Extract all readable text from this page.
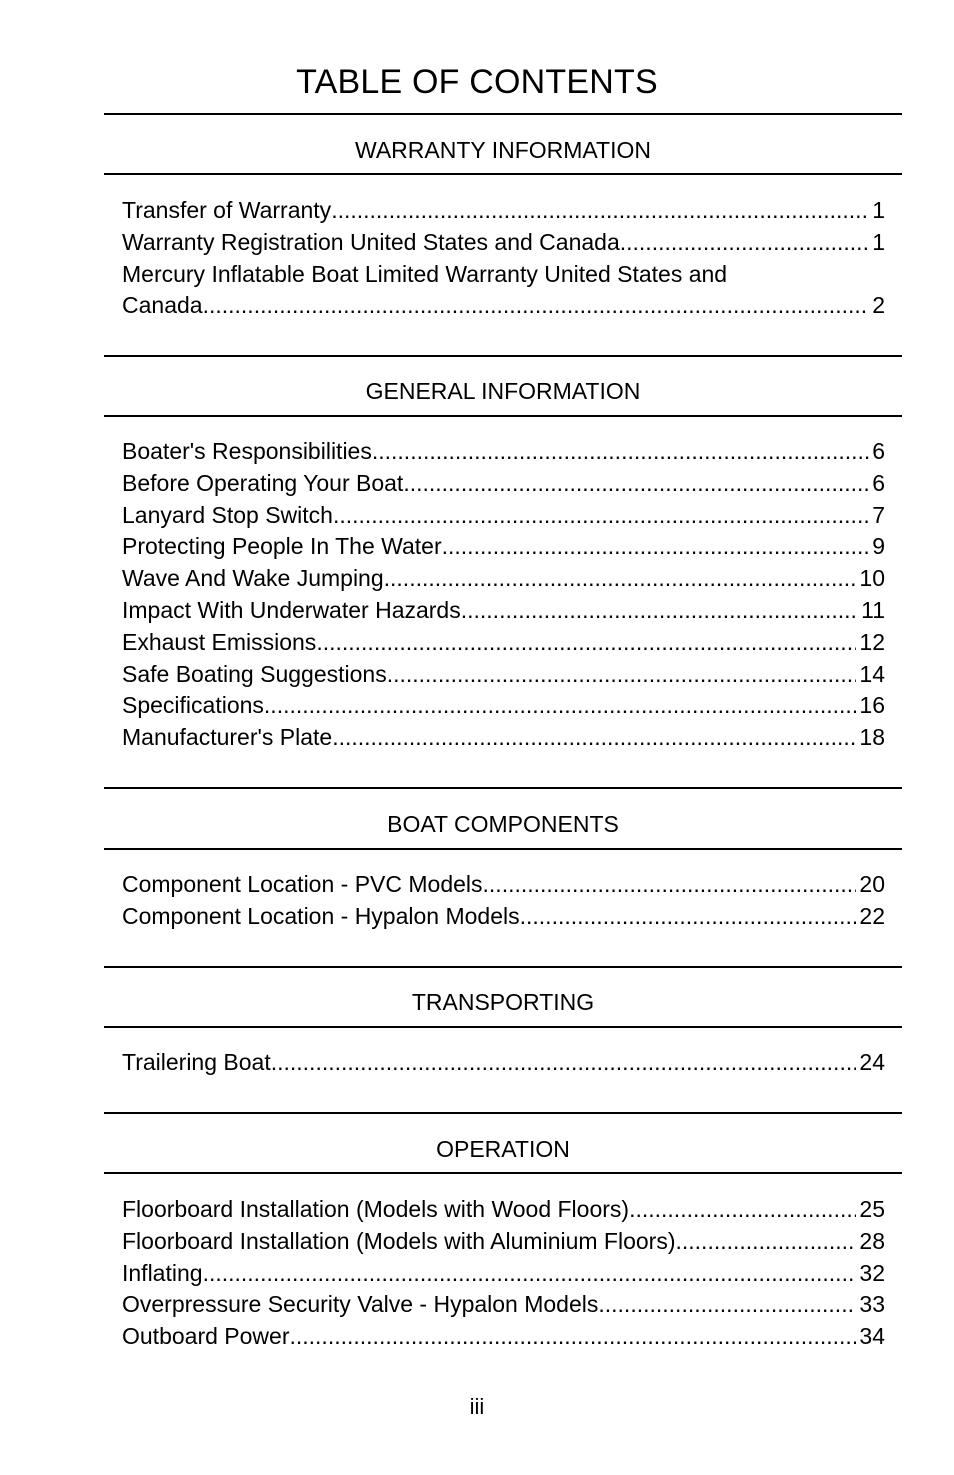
TABLE OF CONTENTS
WARRANTY INFORMATION
Transfer of Warranty .....	1
Warranty Registration United States and Canada .....	1
Mercury Inflatable Boat Limited Warranty United States and
Canada .....	2
GENERAL INFORMATION
Boater's Responsibilities .....	6
Before Operating Your Boat .....	6
Lanyard Stop Switch .....	7
Protecting People In The Water .....	9
Wave And Wake Jumping .....	10
Impact With Underwater Hazards .....	11
Exhaust Emissions .....	12
Safe Boating Suggestions .....	14
Specifications .....	16
Manufacturer's Plate .....	18
BOAT COMPONENTS
Component Location - PVC Models .....	20
Component Location - Hypalon Models .....	22
TRANSPORTING
Trailering Boat .....	24
OPERATION
Floorboard Installation (Models with Wood Floors) .....	25
Floorboard Installation (Models with Aluminium Floors) .....	28
Inflating .....	32
Overpressure Security Valve - Hypalon Models .....	33
Outboard Power .....	34
iii
